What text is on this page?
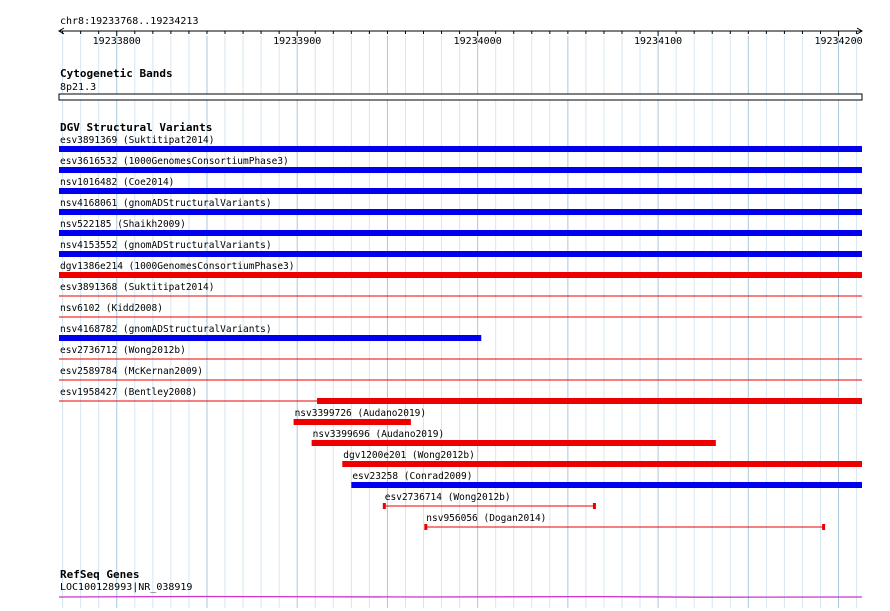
chr8:19233768..19234213
19233800	19233900	19234000	19234100	19234200
Cytogenetic Bands
8p21.3
DGV Structural Variants
esv3891369 (Suktitipat2014)
esv3616532 (1000GenomesConsortiumPhase3)
nsv1016482 (Coe2014)
nsv4168061 (gnomADStructuralVariants)
nsv522185 (Shaikh2009)
nsv4153552 (gnomADStructuralVariants)
dgv1386e214 (1000GenomesConsortiumPhase3)
esv3891368 (Suktitipat2014)
nsv6102 (Kidd2008)
nsv4168782 (gnomADStructuralVariants)
esv2736712 (Wong2012b)
esv2589784 (McKernan2009)
esv1958427 (Bentley2008)
nsv3399726 (Audano2019)
nsv3399696 (Audano2019)
dgv1200e201 (Wong2012b)
esv23258 (Conrad2009)
esv2736714 (Wong2012b)
nsv956056 (Dogan2014)
RefSeq Genes
LOC100128993|NR_038919
